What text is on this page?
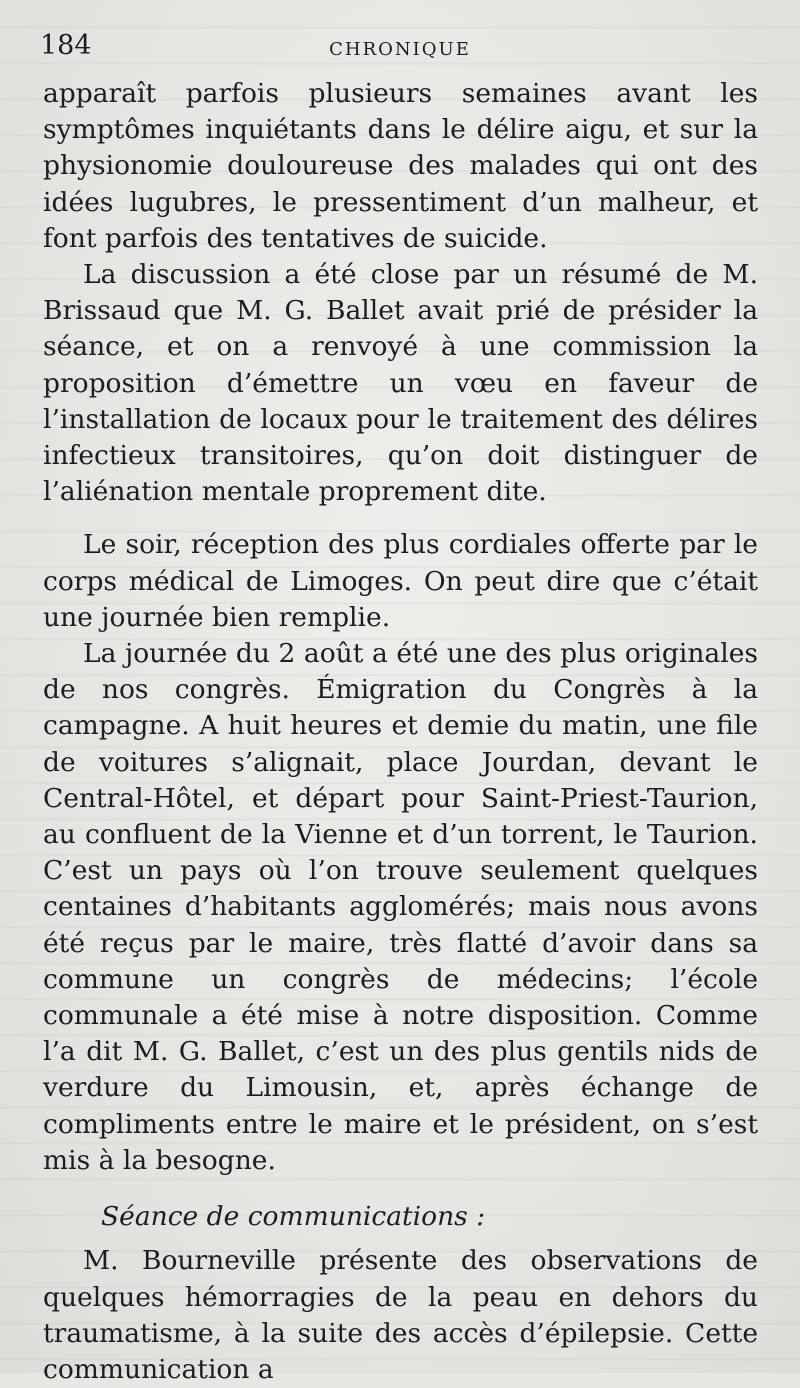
184	CHRONIQUE

apparaît parfois plusieurs semaines avant les symptômes inquiétants dans le délire aigu, et sur la physionomie douloureuse des malades qui ont des idées lugubres, le pressentiment d’un malheur, et font parfois des tentatives de suicide.

La discussion a été close par un résumé de M. Brissaud que M. G. Ballet avait prié de présider la séance, et on a renvoyé à une commission la proposition d’émettre un vœu en faveur de l’installation de locaux pour le traitement des délires infectieux transitoires, qu’on doit distinguer de l’aliénation mentale proprement dite.

Le soir, réception des plus cordiales offerte par le corps médical de Limoges. On peut dire que c’était une journée bien remplie.

La journée du 2 août a été une des plus originales de nos congrès. Émigration du Congrès à la campagne. A huit heures et demie du matin, une file de voitures s’alignait, place Jourdan, devant le Central-Hôtel, et départ pour Saint-Priest-Taurion, au confluent de la Vienne et d’un torrent, le Taurion. C’est un pays où l’on trouve seulement quelques centaines d’habitants agglomérés; mais nous avons été reçus par le maire, très flatté d’avoir dans sa commune un congrès de médecins; l’école communale a été mise à notre disposition. Comme l’a dit M. G. Ballet, c’est un des plus gentils nids de verdure du Limousin, et, après échange de compliments entre le maire et le président, on s’est mis à la besogne.

Séance de communications :

M. Bourneville présente des observations de quelques hémorragies de la peau en dehors du traumatisme, à la suite des accès d’épilepsie. Cette communication a
